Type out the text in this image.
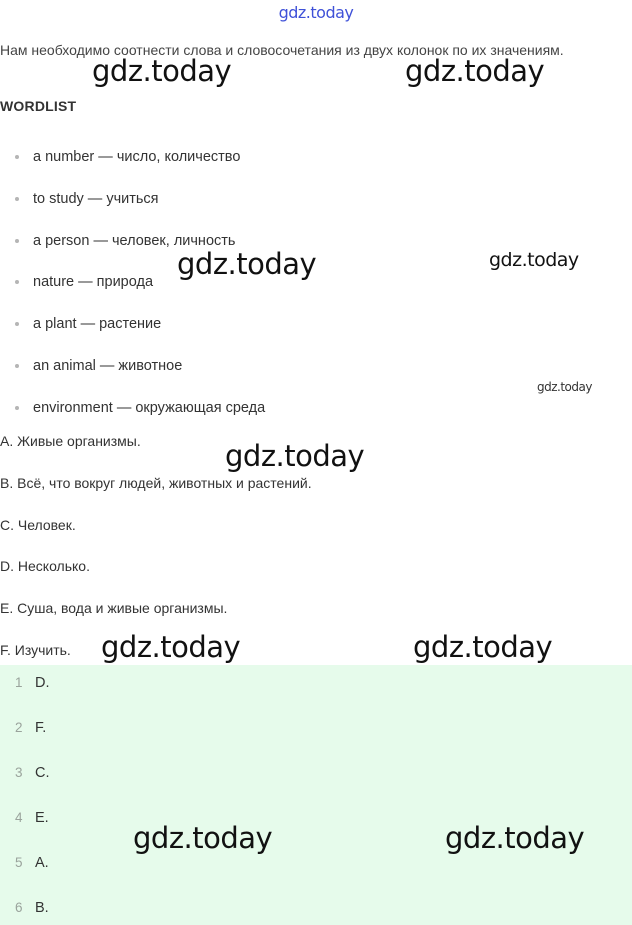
gdz.today
Нам необходимо соотнести слова и словосочетания из двух колонок по их значениям.
WORDLIST
a number — число, количество
to study — учиться
a person — человек, личность
nature — природа
a plant — растение
an animal — животное
environment — окружающая среда
A. Живые организмы.
B. Всё, что вокруг людей, животных и растений.
C. Человек.
D. Несколько.
E. Суша, вода и живые организмы.
F. Изучить.
1 D.
2 F.
3 C.
4 E.
5 A.
6 B.
gdz.today	gdz.today
gdz.today	gdz.today
gdz.today
gdz.today
gdz.today	gdz.today
gdz.today	gdz.today
